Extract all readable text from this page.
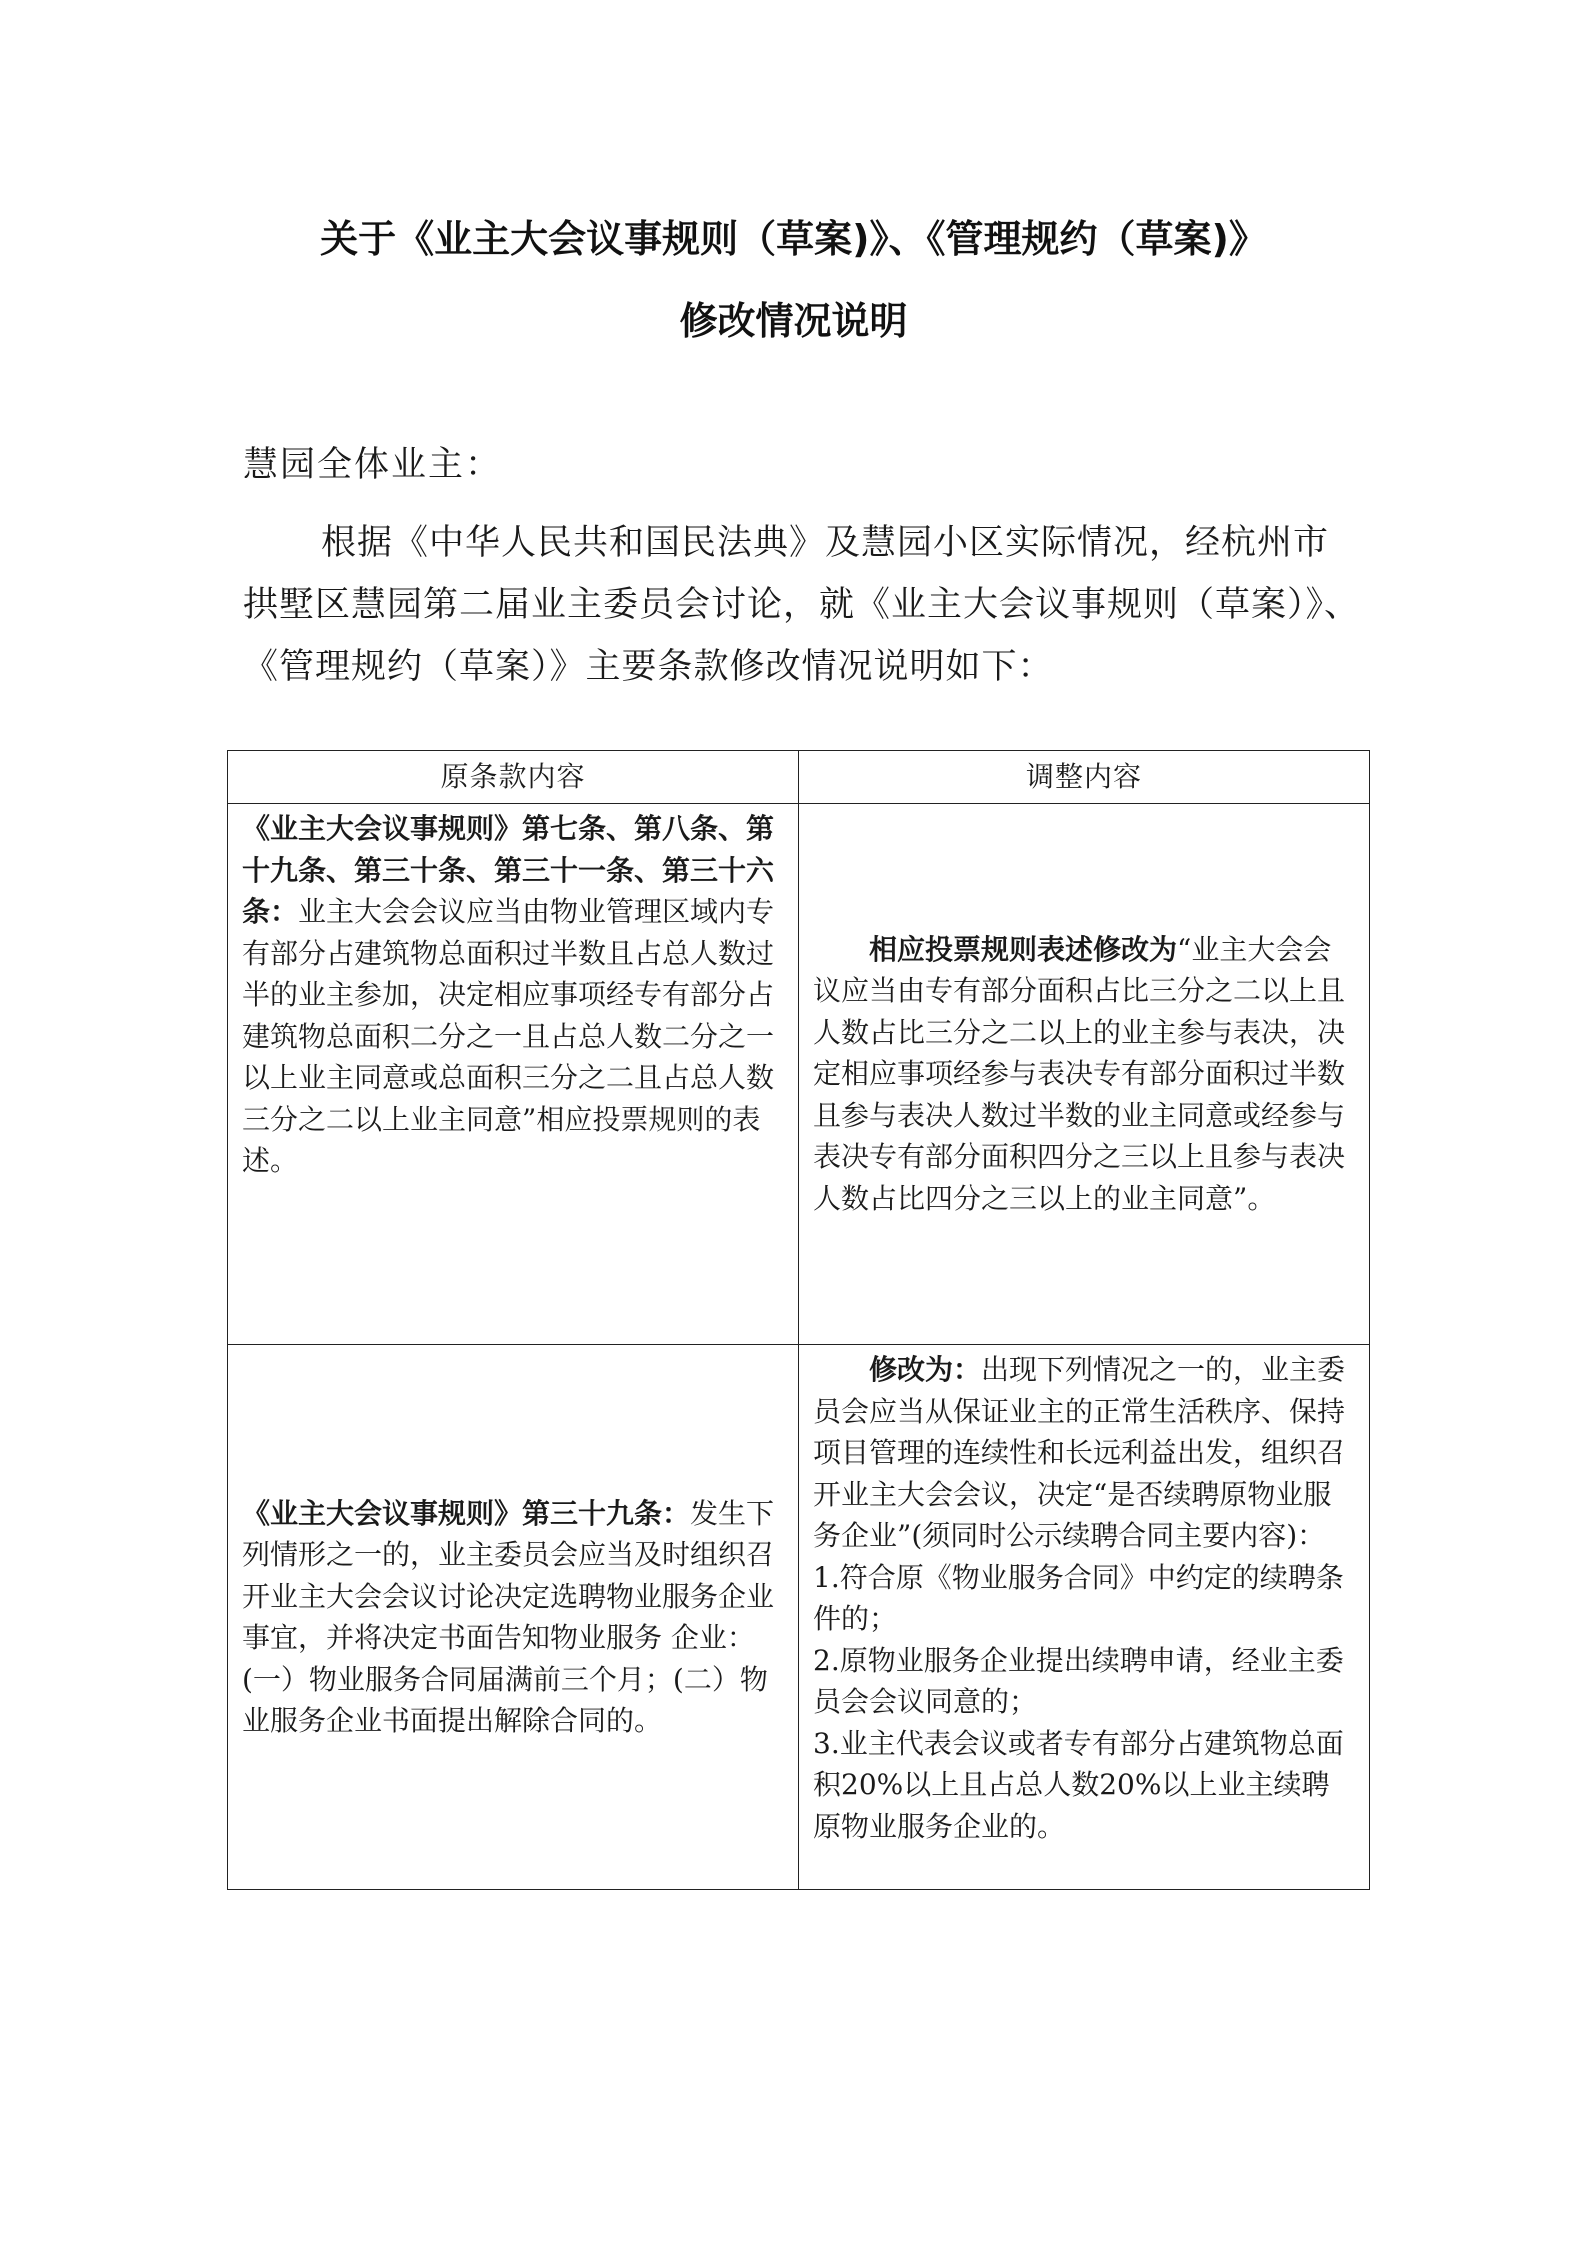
关于《业主大会议事规则（草案)》、《管理规约（草案)》
修改情况说明
慧园全体业主：

根据《中华人民共和国民法典》及慧园小区实际情况，经杭州市

拱墅区慧园第二届业主委员会讨论，就《业主大会议事规则（草案）》、

《管理规约（草案）》主要条款修改情况说明如下：

原条款内容	调整内容
《业主大会议事规则》第七条、第八条、第十九条、第三十条、第三十一条、第三十六条：业主大会会议应当由物业管理区域内专有部分占建筑物总面积过半数且占总人数过半的业主参加，决定相应事项经专有部分占建筑物总面积二分之一且占总人数二分之一以上业主同意或总面积三分之二且占总人数三分之二以上业主同意”相应投票规则的表述。	相应投票规则表述修改为“业主大会会议应当由专有部分面积占比三分之二以上且人数占比三分之二以上的业主参与表决，决定相应事项经参与表决专有部分面积过半数且参与表决人数过半数的业主同意或经参与表决专有部分面积四分之三以上且参与表决人数占比四分之三以上的业主同意”。

《业主大会议事规则》第三十九条：发生下列情形之一的，业主委员会应当及时组织召开业主大会会议讨论决定选聘物业服务企业事宜，并将决定书面告知物业服务 企业：(一）物业服务合同届满前三个月；(二）物业服务企业书面提出解除合同的。	修改为：出现下列情况之一的，业主委员会应当从保证业主的正常生活秩序、保持项目管理的连续性和长远利益出发，组织召开业主大会会议，决定“是否续聘原物业服务企业”(须同时公示续聘合同主要内容)：

1.符合原《物业服务合同》中约定的续聘条件的；

2.原物业服务企业提出续聘申请，经业主委员会会议同意的；

3.业主代表会议或者专有部分占建筑物总面积20%以上且占总人数20%以上业主续聘原物业服务企业的。
